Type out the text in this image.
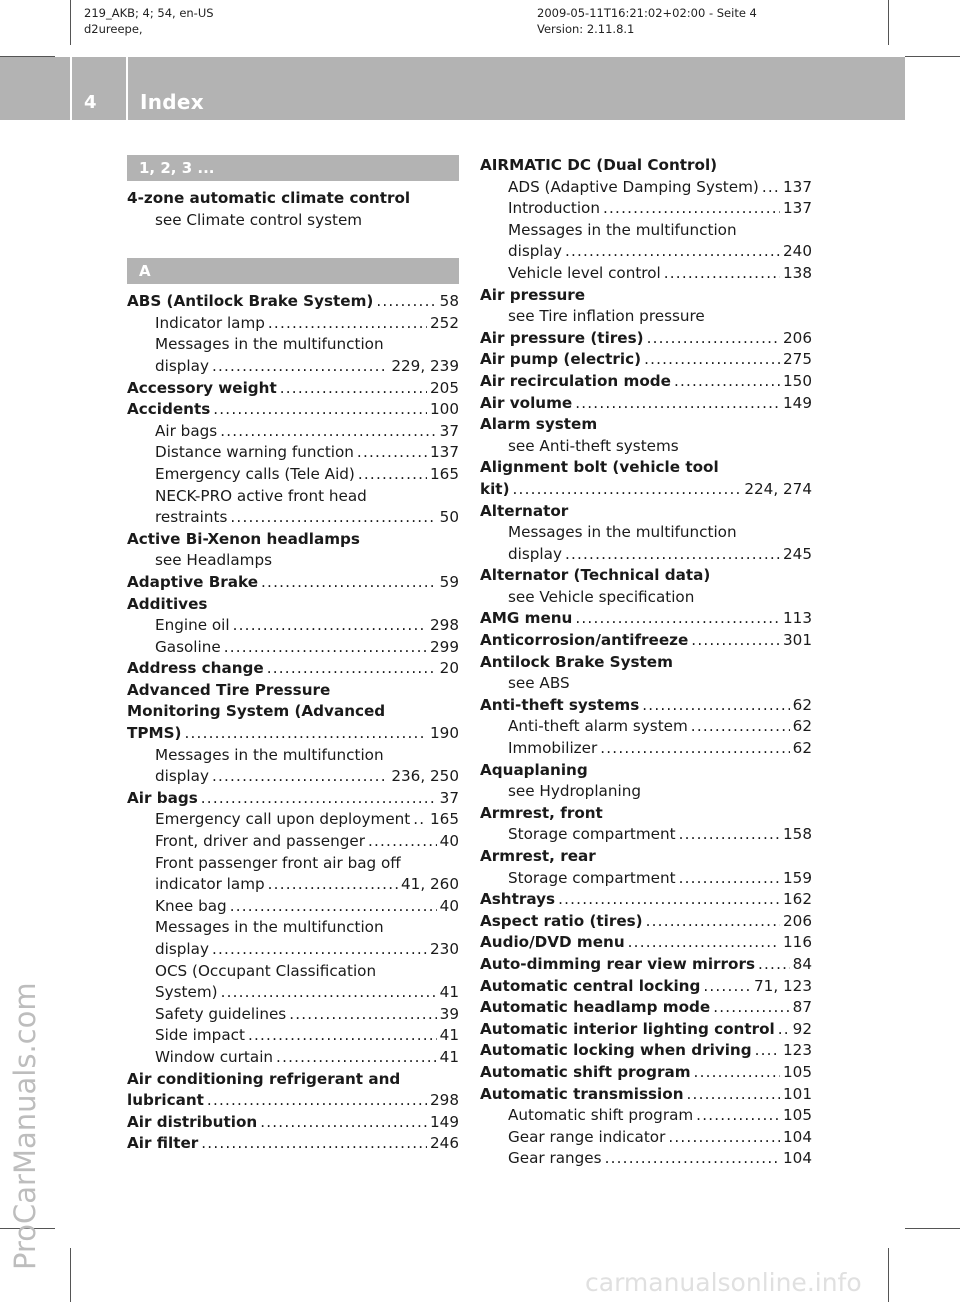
219_AKB; 4; 54, en-US
d2ureepe,
2009-05-11T16:21:02+02:00 - Seite 4
Version: 2.11.8.1
4 Index
ProCarManuals.com
carmanualsonline.info
1, 2, 3 ...
4-zone automatic climate control
see Climate control system
A
ABS (Antilock Brake System) .....	58
Indicator lamp .....	252
Messages in the multifunction
display .....	229, 239
Accessory weight .....	205
Accidents .....	100
Air bags .....	37
Distance warning function .....	137
Emergency calls (Tele Aid) .....	165
NECK-PRO active front head
restraints .....	50
Active Bi-Xenon headlamps
see Headlamps
Adaptive Brake .....	59
Additives
Engine oil .....	298
Gasoline .....	299
Address change .....	20
Advanced Tire Pressure
Monitoring System (Advanced
TPMS) .....	190
Messages in the multifunction
display .....	236, 250
Air bags .....	37
Emergency call upon deployment ..... 165
Front, driver and passenger .....	40
Front passenger front air bag off
indicator lamp .....	41, 260
Knee bag .....	40
Messages in the multifunction
display .....	230
OCS (Occupant Classification
System) .....	41
Safety guidelines .....	39
Side impact .....	41
Window curtain .....	41
Air conditioning refrigerant and
lubricant .....	298
Air distribution .....	149
Air filter .....	246
AIRMATIC DC (Dual Control)
ADS (Adaptive Damping System) ..... 137
Introduction .....	137
Messages in the multifunction
display .....	240
Vehicle level control .....	138
Air pressure
see Tire inflation pressure
Air pressure (tires) .....	206
Air pump (electric) .....	275
Air recirculation mode .....	150
Air volume .....	149
Alarm system
see Anti-theft systems
Alignment bolt (vehicle tool
kit) .....	224, 274
Alternator
Messages in the multifunction
display .....	245
Alternator (Technical data)
see Vehicle specification
AMG menu .....	113
Anticorrosion/antifreeze .....	301
Antilock Brake System
see ABS
Anti-theft systems .....	62
Anti-theft alarm system .....	62
Immobilizer .....	62
Aquaplaning
see Hydroplaning
Armrest, front
Storage compartment .....	158
Armrest, rear
Storage compartment .....	159
Ashtrays .....	162
Aspect ratio (tires) .....	206
Audio/DVD menu .....	116
Auto-dimming rear view mirrors ..... 84
Automatic central locking .....	71, 123
Automatic headlamp mode .....	87
Automatic interior lighting control ..... 92
Automatic locking when driving ..... 123
Automatic shift program .....	105
Automatic transmission .....	101
Automatic shift program .....	105
Gear range indicator .....	104
Gear ranges .....	104
